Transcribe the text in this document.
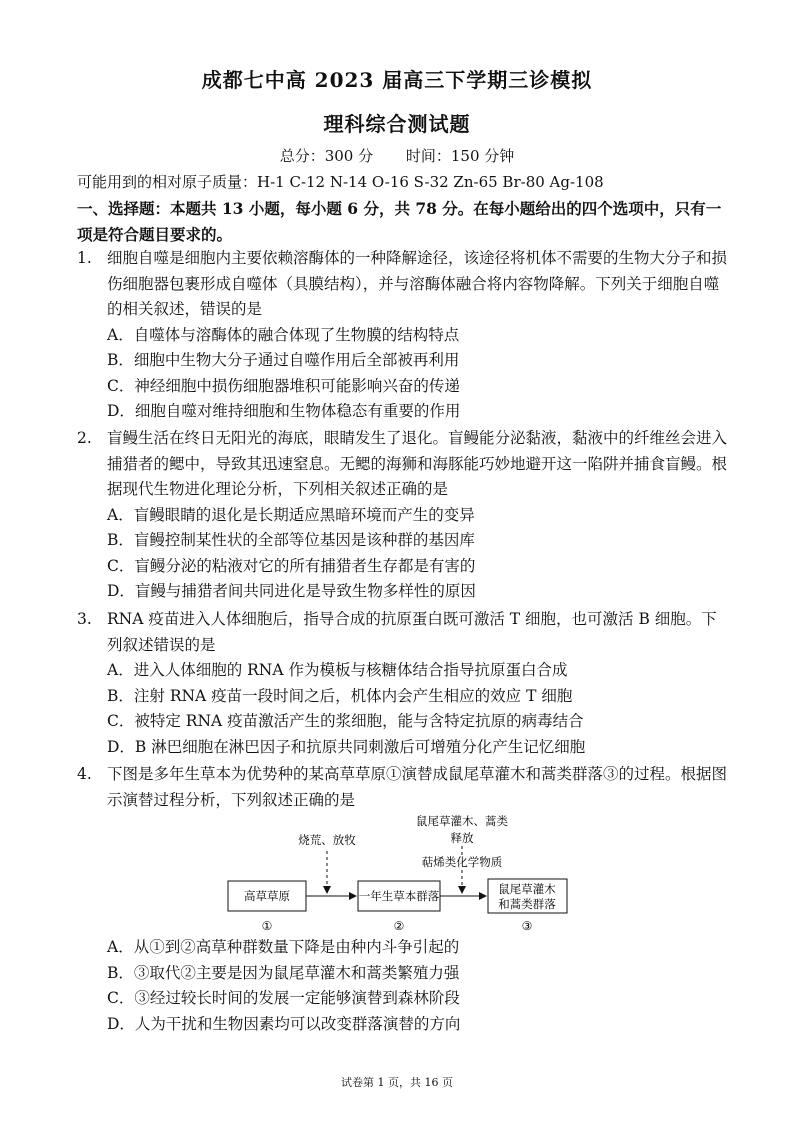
成都七中高 2023 届高三下学期三诊模拟
理科综合测试题
总分：300 分 时间：150 分钟
可能用到的相对原子质量：H-1 C-12 N-14 O-16 S-32 Zn-65 Br-80 Ag-108
一、选择题：本题共 13 小题，每小题 6 分，共 78 分。在每小题给出的四个选项中，只有一项是符合题目要求的。
1. 细胞自噬是细胞内主要依赖溶酶体的一种降解途径，该途径将机体不需要的生物大分子和损伤细胞器包裹形成自噬体（具膜结构），并与溶酶体融合将内容物降解。下列关于细胞自噬的相关叙述，错误的是
A．自噬体与溶酶体的融合体现了生物膜的结构特点
B．细胞中生物大分子通过自噬作用后全部被再利用
C．神经细胞中损伤细胞器堆积可能影响兴奋的传递
D．细胞自噬对维持细胞和生物体稳态有重要的作用
2. 盲鳗生活在终日无阳光的海底，眼睛发生了退化。盲鳗能分泌黏液，黏液中的纤维丝会进入捕猎者的鳃中，导致其迅速窒息。无鳃的海狮和海豚能巧妙地避开这一陷阱并捕食盲鳗。根据现代生物进化理论分析，下列相关叙述正确的是
A．盲鳗眼睛的退化是长期适应黑暗环境而产生的变异
B．盲鳗控制某性状的全部等位基因是该种群的基因库
C．盲鳗分泌的粘液对它的所有捕猎者生存都是有害的
D．盲鳗与捕猎者间共同进化是导致生物多样性的原因
3. RNA 疫苗进入人体细胞后，指导合成的抗原蛋白既可激活 T 细胞，也可激活 B 细胞。下列叙述错误的是
A．进入人体细胞的 RNA 作为模板与核糖体结合指导抗原蛋白合成
B．注射 RNA 疫苗一段时间之后，机体内会产生相应的效应 T 细胞
C．被特定 RNA 疫苗激活产生的浆细胞，能与含特定抗原的病毒结合
D．B 淋巴细胞在淋巴因子和抗原共同刺激后可增殖分化产生记忆细胞
4. 下图是多年生草本为优势种的某高草草原①演替成鼠尾草灌木和蒿类群落③的过程。根据图示演替过程分析，下列叙述正确的是
烧荒、放牧
鼠尾草灌木、蒿类
释放
萜烯类化学物质
高草草原	一年生草本群落	鼠尾草灌木
和蒿类群落
①	②	③
A．从①到②高草种群数量下降是由种内斗争引起的
B．③取代②主要是因为鼠尾草灌木和蒿类繁殖力强
C．③经过较长时间的发展一定能够演替到森林阶段
D．人为干扰和生物因素均可以改变群落演替的方向
试卷第 1 页，共 16 页
